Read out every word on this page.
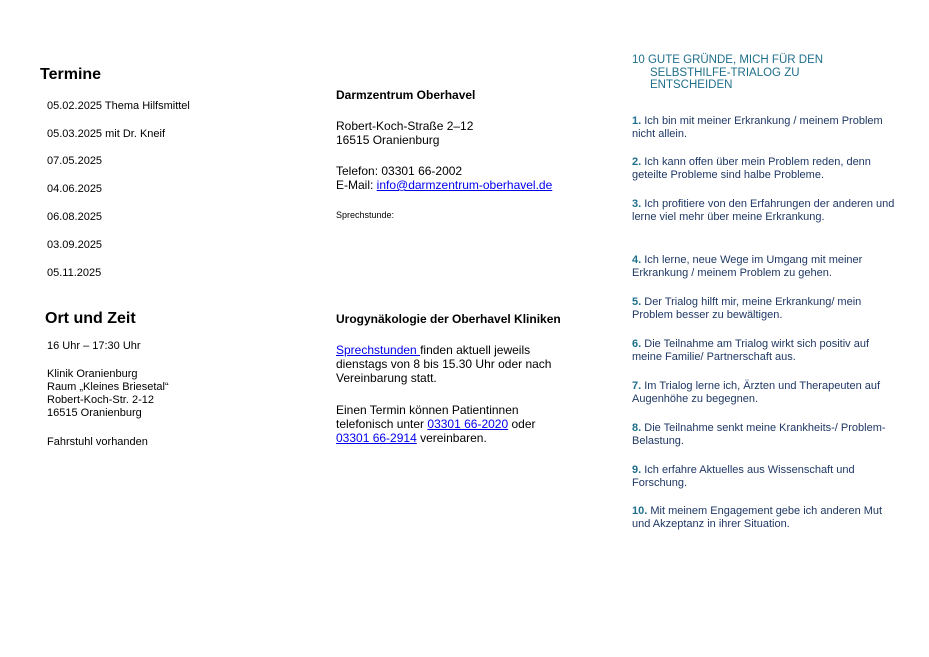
Termine
05.02.2025 Thema Hilfsmittel
05.03.2025 mit Dr. Kneif
07.05.2025
04.06.2025
06.08.2025
03.09.2025
05.11.2025
Ort und Zeit
16 Uhr – 17:30 Uhr
Klinik Oranienburg
Raum „Kleines Briesetal“
Robert-Koch-Str. 2-12
16515 Oranienburg
Fahrstuhl vorhanden
Darmzentrum Oberhavel
Robert-Koch-Straße 2–12
16515 Oranienburg
Telefon: 03301 66-2002
E-Mail: info@darmzentrum-oberhavel.de
Sprechstunde:
Urogynäkologie der Oberhavel Kliniken
Sprechstunden finden aktuell jeweils
dienstags von 8 bis 15.30 Uhr oder nach
Vereinbarung statt.
Einen Termin können Patientinnen
telefonisch unter 03301 66-2020 oder
03301 66-2914 vereinbaren.
10 GUTE GRÜNDE, MICH FÜR DEN
SELBSTHILFE-TRIALOG ZU
ENTSCHEIDEN
1. Ich bin mit meiner Erkrankung / meinem Problem nicht allein.
2. Ich kann offen über mein Problem reden, denn geteilte Probleme sind halbe Probleme.
3. Ich profitiere von den Erfahrungen der anderen und lerne viel mehr über meine Erkrankung.
4. Ich lerne, neue Wege im Umgang mit meiner Erkrankung / meinem Problem zu gehen.
5. Der Trialog hilft mir, meine Erkrankung/ mein Problem besser zu bewältigen.
6. Die Teilnahme am Trialog wirkt sich positiv auf meine Familie/ Partnerschaft aus.
7. Im Trialog lerne ich, Ärzten und Therapeuten auf Augenhöhe zu begegnen.
8. Die Teilnahme senkt meine Krankheits-/ Problem-Belastung.
9. Ich erfahre Aktuelles aus Wissenschaft und Forschung.
10. Mit meinem Engagement gebe ich anderen Mut und Akzeptanz in ihrer Situation.
